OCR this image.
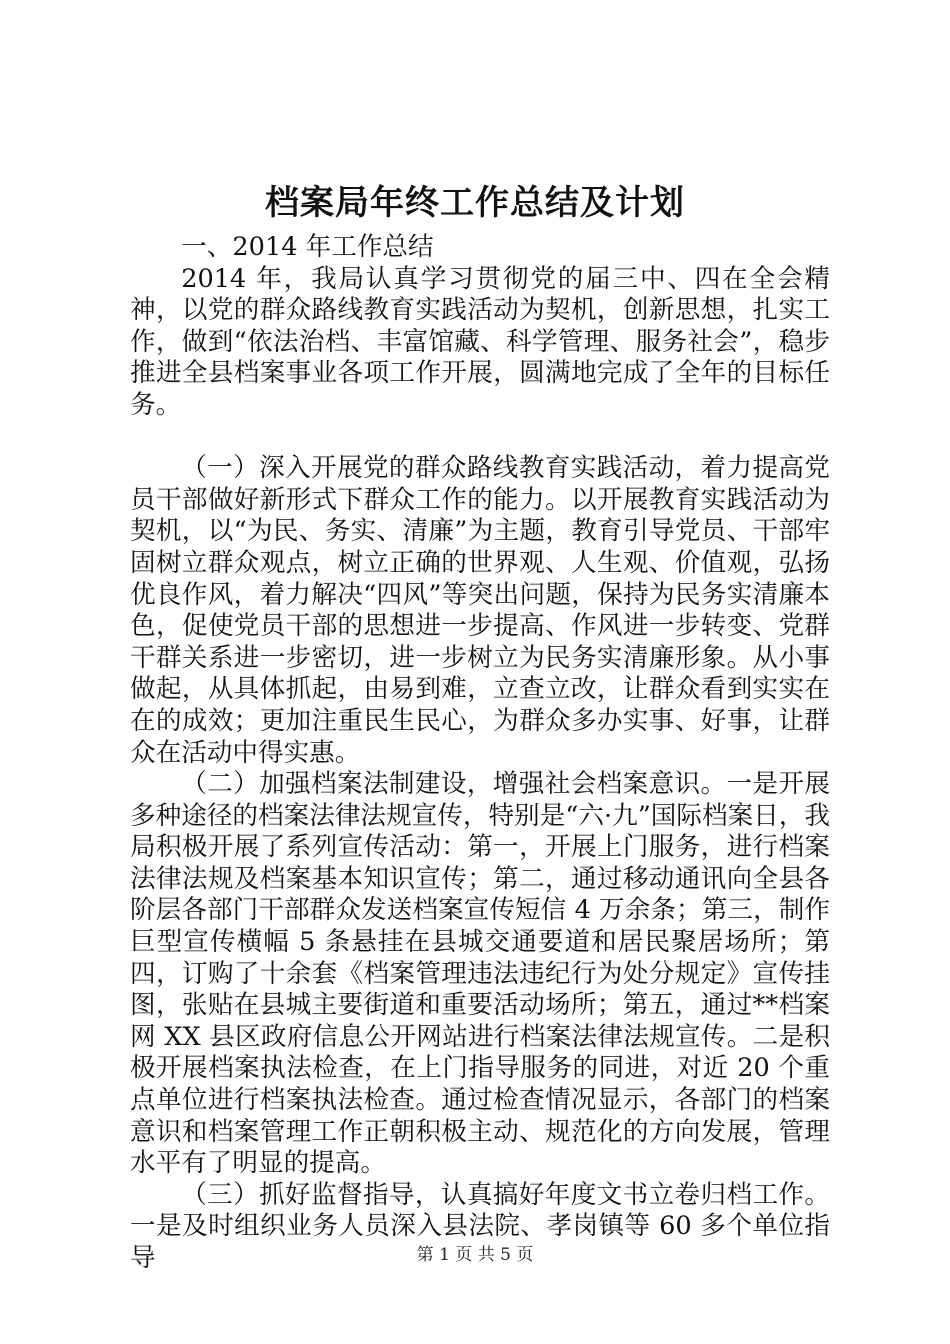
档案局年终工作总结及计划

一、2014 年工作总结

2014 年，我局认真学习贯彻党的届三中、四在全会精神，以党的群众路线教育实践活动为契机，创新思想，扎实工作，做到“依法治档、丰富馆藏、科学管理、服务社会”，稳步推进全县档案事业各项工作开展，圆满地完成了全年的目标任务。

（一）深入开展党的群众路线教育实践活动，着力提高党员干部做好新形式下群众工作的能力。以开展教育实践活动为契机，以“为民、务实、清廉”为主题，教育引导党员、干部牢固树立群众观点，树立正确的世界观、人生观、价值观，弘扬优良作风，着力解决“四风”等突出问题，保持为民务实清廉本色，促使党员干部的思想进一步提高、作风进一步转变、党群干群关系进一步密切，进一步树立为民务实清廉形象。从小事做起，从具体抓起，由易到难，立查立改，让群众看到实实在在的成效；更加注重民生民心，为群众多办实事、好事，让群众在活动中得实惠。

（二）加强档案法制建设，增强社会档案意识。一是开展多种途径的档案法律法规宣传，特别是“六·九”国际档案日，我局积极开展了系列宣传活动：第一，开展上门服务，进行档案法律法规及档案基本知识宣传；第二，通过移动通讯向全县各阶层各部门干部群众发送档案宣传短信 4 万余条；第三，制作巨型宣传横幅 5 条悬挂在县城交通要道和居民聚居场所；第四，订购了十余套《档案管理违法违纪行为处分规定》宣传挂图，张贴在县城主要街道和重要活动场所；第五，通过**档案网 XX 县区政府信息公开网站进行档案法律法规宣传。二是积极开展档案执法检查，在上门指导服务的同进，对近 20 个重点单位进行档案执法检查。通过检查情况显示，各部门的档案意识和档案管理工作正朝积极主动、规范化的方向发展，管理水平有了明显的提高。

（三）抓好监督指导，认真搞好年度文书立卷归档工作。一是及时组织业务人员深入县法院、孝岗镇等 60 多个单位指导	第 1 页 共 5 页
